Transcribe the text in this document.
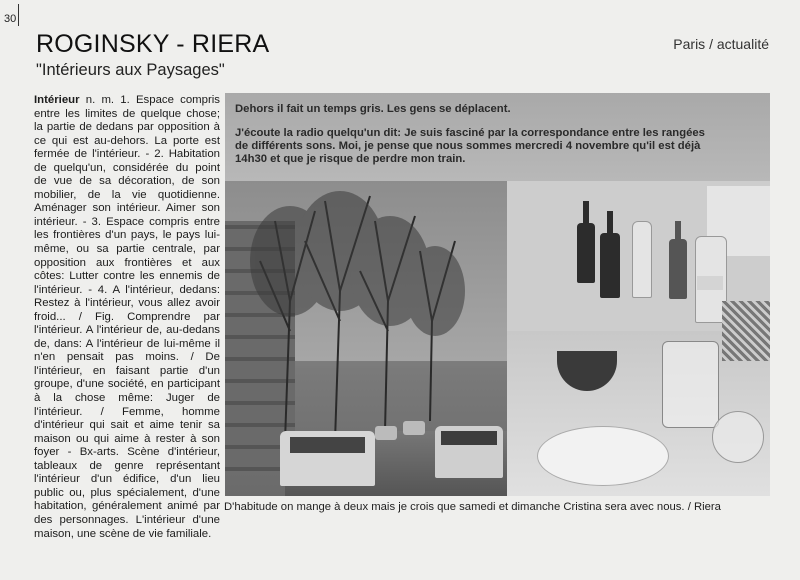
30
ROGINSKY - RIERA
"Intérieurs aux Paysages"
Paris / actualité
Intérieur n. m. 1. Espace compris entre les limites de quelque chose; la partie de dedans par opposition à ce qui est au-dehors. La porte est fermée de l'intérieur. - 2. Habitation de quelqu'un, considérée du point de vue de sa décoration, de son mobilier, de la vie quotidienne. Aménager son intérieur. Aimer son intérieur. - 3. Espace compris entre les frontières d'un pays, le pays lui-même, ou sa partie centrale, par opposition aux frontières et aux côtes: Lutter contre les ennemis de l'intérieur. - 4. A l'intérieur, dedans: Restez à l'intérieur, vous allez avoir froid... / Fig. Comprendre par l'intérieur. A l'intérieur de, au-dedans de, dans: A l'intérieur de lui-même il n'en pensait pas moins. / De l'intérieur, en faisant partie d'un groupe, d'une société, en participant à la chose même: Juger de l'intérieur. / Femme, homme d'intérieur qui sait et aime tenir sa maison ou qui aime à rester à son foyer - Bx-arts. Scène d'intérieur, tableaux de genre représentant l'intérieur d'un édifice, d'un lieu public ou, plus spécialement, d'une habitation, généralement animé par des personnages. L'intérieur d'une maison, une scène de vie familiale.
Dehors il fait un temps gris. Les gens se déplacent.
J'écoute la radio quelqu'un dit: Je suis fasciné par la correspondance entre les rangées de différents sons. Moi, je pense que nous sommes mercredi 4 novembre qu'il est déjà 14h30 et que je risque de perdre mon train.
D'habitude on mange à deux mais je crois que samedi et dimanche Cristina sera avec nous. / Riera
